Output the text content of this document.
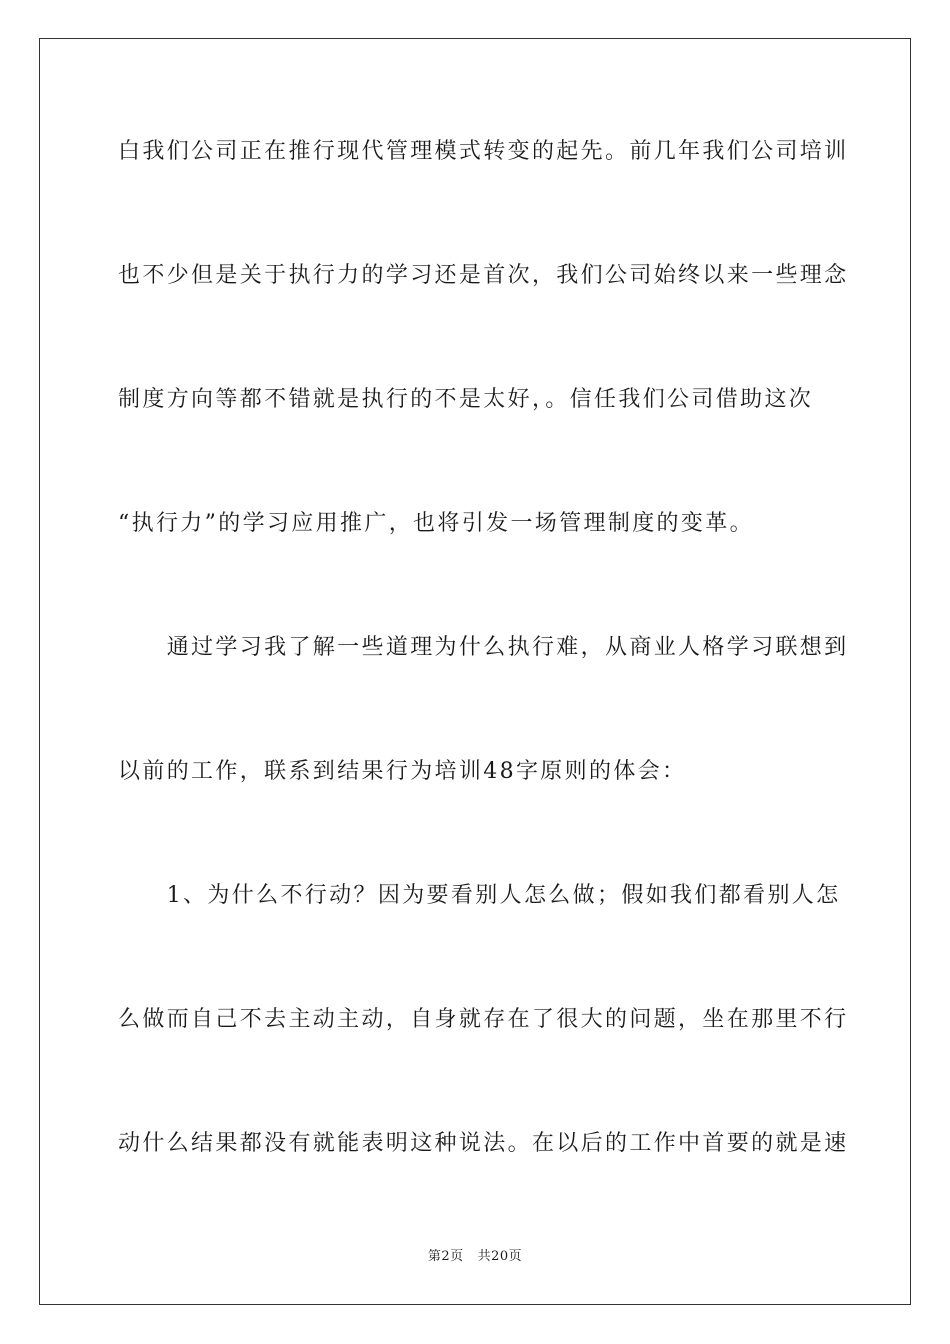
白我们公司正在推行现代管理模式转变的起先。前几年我们公司培训
也不少但是关于执行力的学习还是首次，我们公司始终以来一些理念
制度方向等都不错就是执行的不是太好，。信任我们公司借助这次
“执行力”的学习应用推广，也将引发一场管理制度的变革。
　　通过学习我了解一些道理为什么执行难，从商业人格学习联想到
以前的工作，联系到结果行为培训48字原则的体会：
　　1、为什么不行动？因为要看别人怎么做；假如我们都看别人怎
么做而自己不去主动主动，自身就存在了很大的问题，坐在那里不行
动什么结果都没有就能表明这种说法。在以后的工作中首要的就是速
第2页 共20页
